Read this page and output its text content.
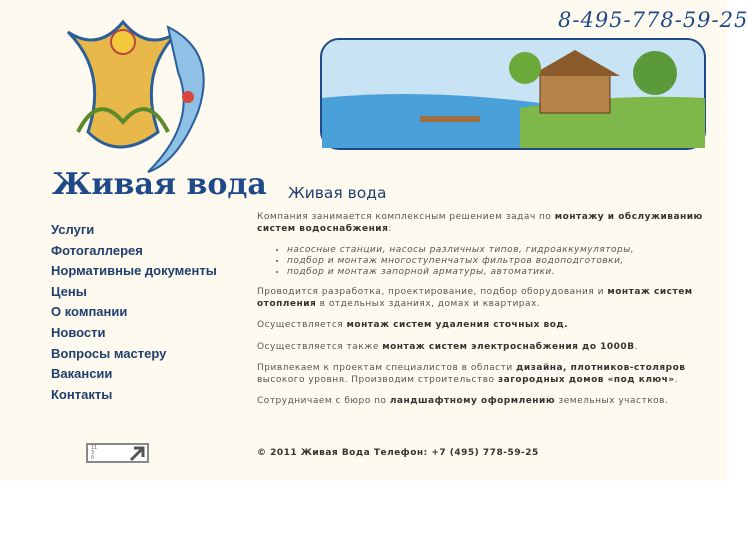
Живая вода
8-495-778-59-25
Услуги
Фотогаллерея
Нормативные документы
Цены
О компании
Новости
Вопросы мастеру
Вакансии
Контакты
Живая вода

Компания занимается комплексным решением задач по монтажу и обслуживанию систем водоснабжения:

• насосные станции, насосы различных типов, гидроаккумуляторы,
• подбор и монтаж многоступенчатых фильтров водоподготовки,
• подбор и монтаж запорной арматуры, автоматики.

Проводится разработка, проектирование, подбор оборудования и монтаж систем отопления в отдельных зданиях, домах и квартирах.

Осуществляется монтаж систем удаления сточных вод.

Осуществляется также монтаж систем электроснабжения до 1000В.

Привлекаем к проектам специалистов в области дизайна, плотников-столяров высокого уровня. Производим строительство загородных домов «под ключ».

Сотрудничаем с бюро по ландшафтному оформлению земельных участков.

© 2011 Живая Вода Телефон: +7 (495) 778-59-25
11
3
0
